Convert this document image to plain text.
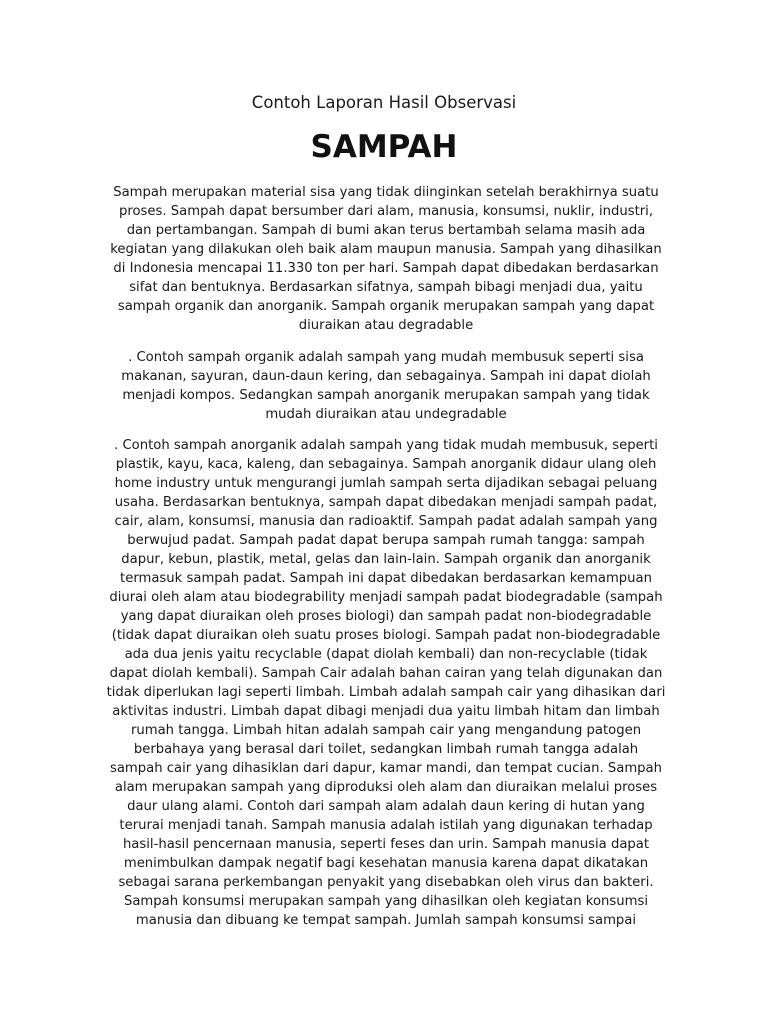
Contoh Laporan Hasil Observasi
SAMPAH
Sampah merupakan material sisa yang tidak diinginkan setelah berakhirnya suatu
proses. Sampah dapat bersumber dari alam, manusia, konsumsi, nuklir, industri,
dan pertambangan. Sampah di bumi akan terus bertambah selama masih ada
kegiatan yang dilakukan oleh baik alam maupun manusia. Sampah yang dihasilkan
di Indonesia mencapai 11.330 ton per hari. Sampah dapat dibedakan berdasarkan
sifat dan bentuknya. Berdasarkan sifatnya, sampah bibagi menjadi dua, yaitu
sampah organik dan anorganik. Sampah organik merupakan sampah yang dapat
diuraikan atau degradable
. Contoh sampah organik adalah sampah yang mudah membusuk seperti sisa
makanan, sayuran, daun-daun kering, dan sebagainya. Sampah ini dapat diolah
menjadi kompos. Sedangkan sampah anorganik merupakan sampah yang tidak
mudah diuraikan atau undegradable
. Contoh sampah anorganik adalah sampah yang tidak mudah membusuk, seperti
plastik, kayu, kaca, kaleng, dan sebagainya. Sampah anorganik didaur ulang oleh
home industry untuk mengurangi jumlah sampah serta dijadikan sebagai peluang
usaha. Berdasarkan bentuknya, sampah dapat dibedakan menjadi sampah padat,
cair, alam, konsumsi, manusia dan radioaktif. Sampah padat adalah sampah yang
berwujud padat. Sampah padat dapat berupa sampah rumah tangga: sampah
dapur, kebun, plastik, metal, gelas dan lain-lain. Sampah organik dan anorganik
termasuk sampah padat. Sampah ini dapat dibedakan berdasarkan kemampuan
diurai oleh alam atau biodegrability menjadi sampah padat biodegradable (sampah
yang dapat diuraikan oleh proses biologi) dan sampah padat non-biodegradable
(tidak dapat diuraikan oleh suatu proses biologi. Sampah padat non-biodegradable
ada dua jenis yaitu recyclable (dapat diolah kembali) dan non-recyclable (tidak
dapat diolah kembali). Sampah Cair adalah bahan cairan yang telah digunakan dan
tidak diperlukan lagi seperti limbah. Limbah adalah sampah cair yang dihasikan dari
aktivitas industri. Limbah dapat dibagi menjadi dua yaitu limbah hitam dan limbah
rumah tangga. Limbah hitan adalah sampah cair yang mengandung patogen
berbahaya yang berasal dari toilet, sedangkan limbah rumah tangga adalah
sampah cair yang dihasiklan dari dapur, kamar mandi, dan tempat cucian. Sampah
alam merupakan sampah yang diproduksi oleh alam dan diuraikan melalui proses
daur ulang alami. Contoh dari sampah alam adalah daun kering di hutan yang
terurai menjadi tanah. Sampah manusia adalah istilah yang digunakan terhadap
hasil-hasil pencernaan manusia, seperti feses dan urin. Sampah manusia dapat
menimbulkan dampak negatif bagi kesehatan manusia karena dapat dikatakan
sebagai sarana perkembangan penyakit yang disebabkan oleh virus dan bakteri.
Sampah konsumsi merupakan sampah yang dihasilkan oleh kegiatan konsumsi
manusia dan dibuang ke tempat sampah. Jumlah sampah konsumsi sampai
